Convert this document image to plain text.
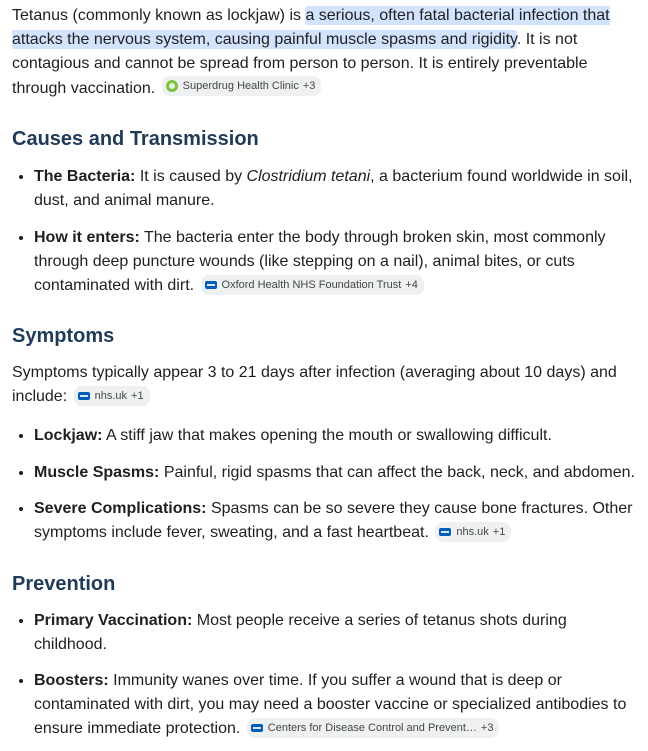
Tetanus (commonly known as lockjaw) is a serious, often fatal bacterial infection that attacks the nervous system, causing painful muscle spasms and rigidity. It is not contagious and cannot be spread from person to person. It is entirely preventable through vaccination. Superdrug Health Clinic +3

Causes and Transmission
• The Bacteria: It is caused by Clostridium tetani, a bacterium found worldwide in soil, dust, and animal manure.
• How it enters: The bacteria enter the body through broken skin, most commonly through deep puncture wounds (like stepping on a nail), animal bites, or cuts contaminated with dirt. Oxford Health NHS Foundation Trust +4
Symptoms

Symptoms typically appear 3 to 21 days after infection (averaging about 10 days) and include: nhs.uk +1

• Lockjaw: A stiff jaw that makes opening the mouth or swallowing difficult.
• Muscle Spasms: Painful, rigid spasms that can affect the back, neck, and abdomen.
• Severe Complications: Spasms can be so severe they cause bone fractures. Other symptoms include fever, sweating, and a fast heartbeat. nhs.uk +1
Prevention
• Primary Vaccination: Most people receive a series of tetanus shots during childhood.
• Boosters: Immunity wanes over time. If you suffer a wound that is deep or contaminated with dirt, you may need a booster vaccine or specialized antibodies to ensure immediate protection. Centers for Disease Control and Prevent… +3
